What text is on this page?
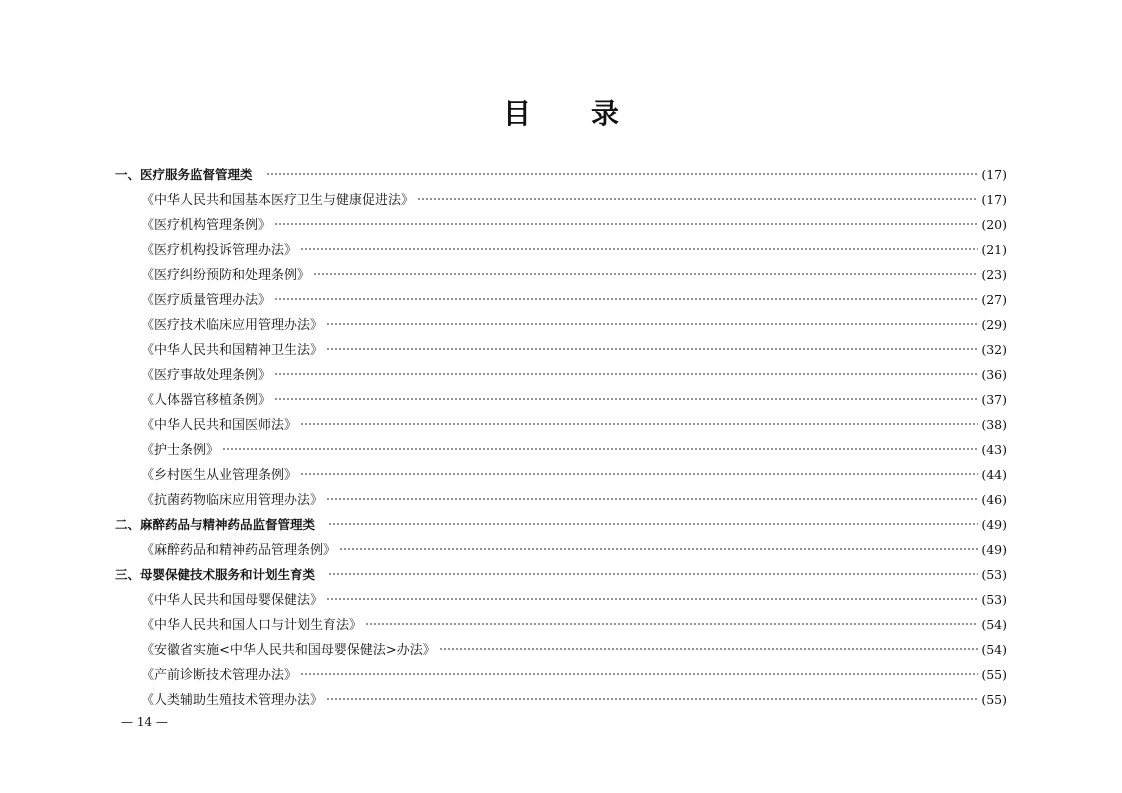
目 录
一、医疗服务监督管理类	(17)
《中华人民共和国基本医疗卫生与健康促进法》	(17)
《医疗机构管理条例》	(20)
《医疗机构投诉管理办法》	(21)
《医疗纠纷预防和处理条例》	(23)
《医疗质量管理办法》	(27)
《医疗技术临床应用管理办法》	(29)
《中华人民共和国精神卫生法》	(32)
《医疗事故处理条例》	(36)
《人体器官移植条例》	(37)
《中华人民共和国医师法》	(38)
《护士条例》	(43)
《乡村医生从业管理条例》	(44)
《抗菌药物临床应用管理办法》	(46)
二、麻醉药品与精神药品监督管理类	(49)
《麻醉药品和精神药品管理条例》	(49)
三、母婴保健技术服务和计划生育类	(53)
《中华人民共和国母婴保健法》	(53)
《中华人民共和国人口与计划生育法》	(54)
《安徽省实施<中华人民共和国母婴保健法>办法》	(54)
《产前诊断技术管理办法》	(55)
《人类辅助生殖技术管理办法》	(55)
— 14 —
